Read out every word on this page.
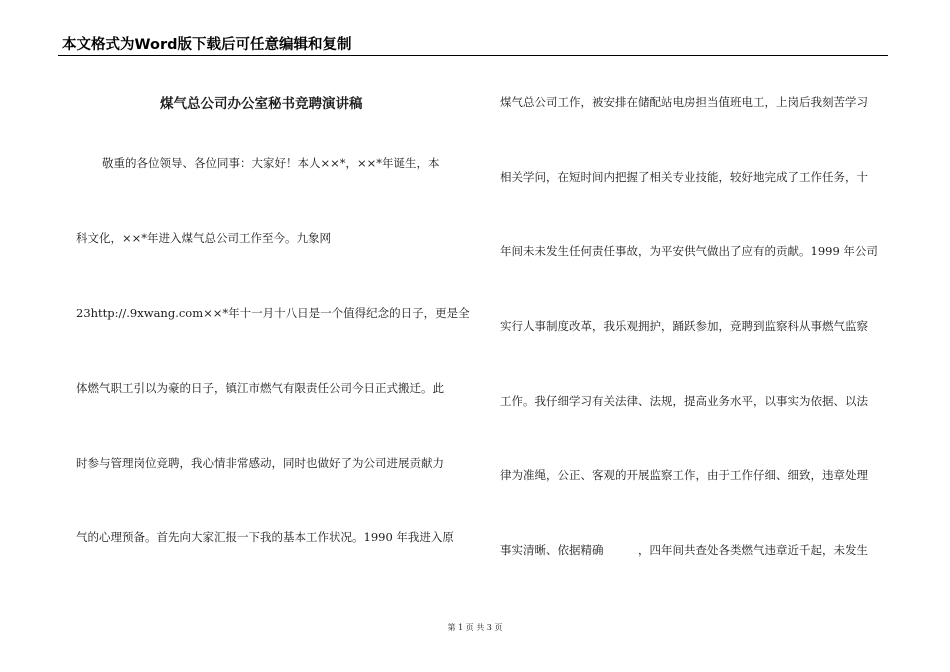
本文格式为Word版下载后可任意编辑和复制
煤气总公司办公室秘书竞聘演讲稿
敬重的各位领导、各位同事：大家好！本人××*，××*年诞生，本
科文化，××*年进入煤气总公司工作至今。九象网
23http://.9xwang.com××*年十一月十八日是一个值得纪念的日子，更是全
体燃气职工引以为豪的日子，镇江市燃气有限责任公司今日正式搬迁。此
时参与管理岗位竞聘，我心情非常感动，同时也做好了为公司进展贡献力
气的心理预备。首先向大家汇报一下我的基本工作状况。1990 年我进入原
煤气总公司工作，被安排在储配站电房担当值班电工，上岗后我刻苦学习
相关学问，在短时间内把握了相关专业技能，较好地完成了工作任务，十
年间未未发生任何责任事故，为平安供气做出了应有的贡献。1999 年公司
实行人事制度改革，我乐观拥护，踊跃参加，竞聘到监察科从事燃气监察
工作。我仔细学习有关法律、法规，提高业务水平，以事实为依据、以法
律为准绳，公正、客观的开展监察工作，由于工作仔细、细致，违章处理
事实清晰、依据精确　　　，四年间共查处各类燃气违章近千起，未发生
第 1 页 共 3 页
